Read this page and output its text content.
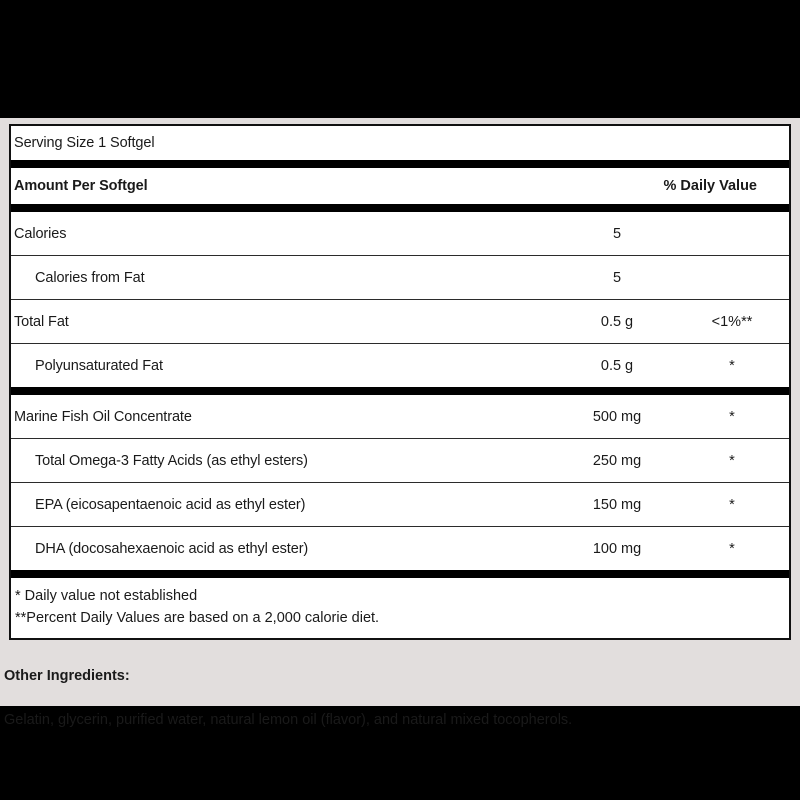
Serving Size 1 Softgel
Amount Per Softgel	% Daily Value
Calories	5
Calories from Fat	5
Total Fat	0.5 g	<1%**
Polyunsaturated Fat	0.5 g	*
Marine Fish Oil Concentrate	500 mg	*
Total Omega-3 Fatty Acids (as ethyl esters)	250 mg	*
EPA (eicosapentaenoic acid as ethyl ester)	150 mg	*
DHA (docosahexaenoic acid as ethyl ester)	100 mg	*
* Daily value not established
**Percent Daily Values are based on a 2,000 calorie diet.
Other Ingredients:
Gelatin, glycerin, purified water, natural lemon oil (flavor), and natural mixed tocopherols.
